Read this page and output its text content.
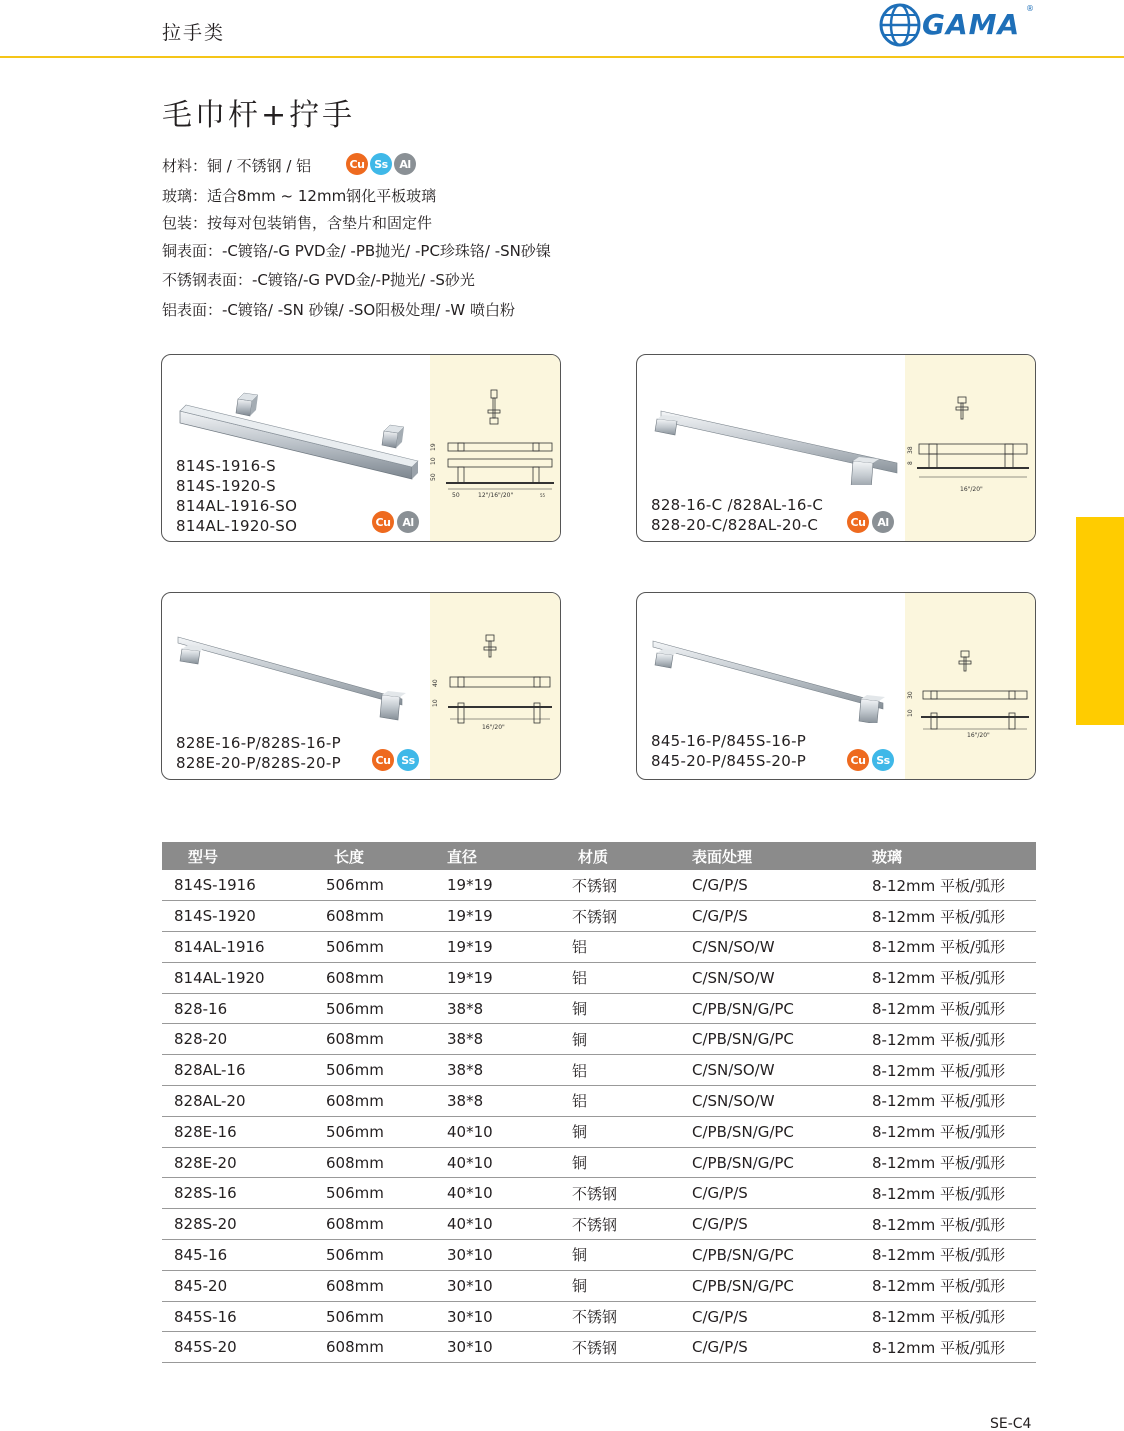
拉手类	GAMA ®
毛巾杆+拧手
材料：铜 / 不锈钢 / 铝	Cu Ss	Al
玻璃：适合8mm ~ 12mm钢化平板玻璃
包装：按每对包装销售，含垫片和固定件
铜表面：-C镀铬/-G PVD金/ -PB抛光/ -PC珍珠铬/ -SN砂镍
不锈钢表面：-C镀铬/-G PVD金/-P抛光/ -S砂光
铝表面：-C镀铬/ -SN 砂镍/ -SO阳极处理/ -W 喷白粉
19
10
50
50	12"/16"/20"	55
814S-1916-S
814S-1920-S
814AL-1916-SO
814AL-1920-SO	Cu	Al
38
8
16"/20"
828-16-C /828AL-16-C
828-20-C/828AL-20-C	Cu	Al
40
10
16"/20"
828E-16-P/828S-16-P
828E-20-P/828S-20-P	Cu Ss
30
10
16"/20"
845-16-P/845S-16-P
845-20-P/845S-20-P	Cu Ss
型号	长度	直径	材质	表面处理	玻璃
814S-1916	506mm	19*19	不锈钢	C/G/P/S	8-12mm 平板/弧形
814S-1920	608mm	19*19	不锈钢	C/G/P/S	8-12mm 平板/弧形
814AL-1916	506mm	19*19	铝	C/SN/SO/W	8-12mm 平板/弧形
814AL-1920	608mm	19*19	铝	C/SN/SO/W	8-12mm 平板/弧形
828-16	506mm	38*8	铜	C/PB/SN/G/PC	8-12mm 平板/弧形
828-20	608mm	38*8	铜	C/PB/SN/G/PC	8-12mm 平板/弧形
828AL-16	506mm	38*8	铝	C/SN/SO/W	8-12mm 平板/弧形
828AL-20	608mm	38*8	铝	C/SN/SO/W	8-12mm 平板/弧形
828E-16	506mm	40*10	铜	C/PB/SN/G/PC	8-12mm 平板/弧形
828E-20	608mm	40*10	铜	C/PB/SN/G/PC	8-12mm 平板/弧形
828S-16	506mm	40*10	不锈钢	C/G/P/S	8-12mm 平板/弧形
828S-20	608mm	40*10	不锈钢	C/G/P/S	8-12mm 平板/弧形
845-16	506mm	30*10	铜	C/PB/SN/G/PC	8-12mm 平板/弧形
845-20	608mm	30*10	铜	C/PB/SN/G/PC	8-12mm 平板/弧形
845S-16	506mm	30*10	不锈钢	C/G/P/S	8-12mm 平板/弧形
845S-20	608mm	30*10	不锈钢	C/G/P/S	8-12mm 平板/弧形
SE-C4
